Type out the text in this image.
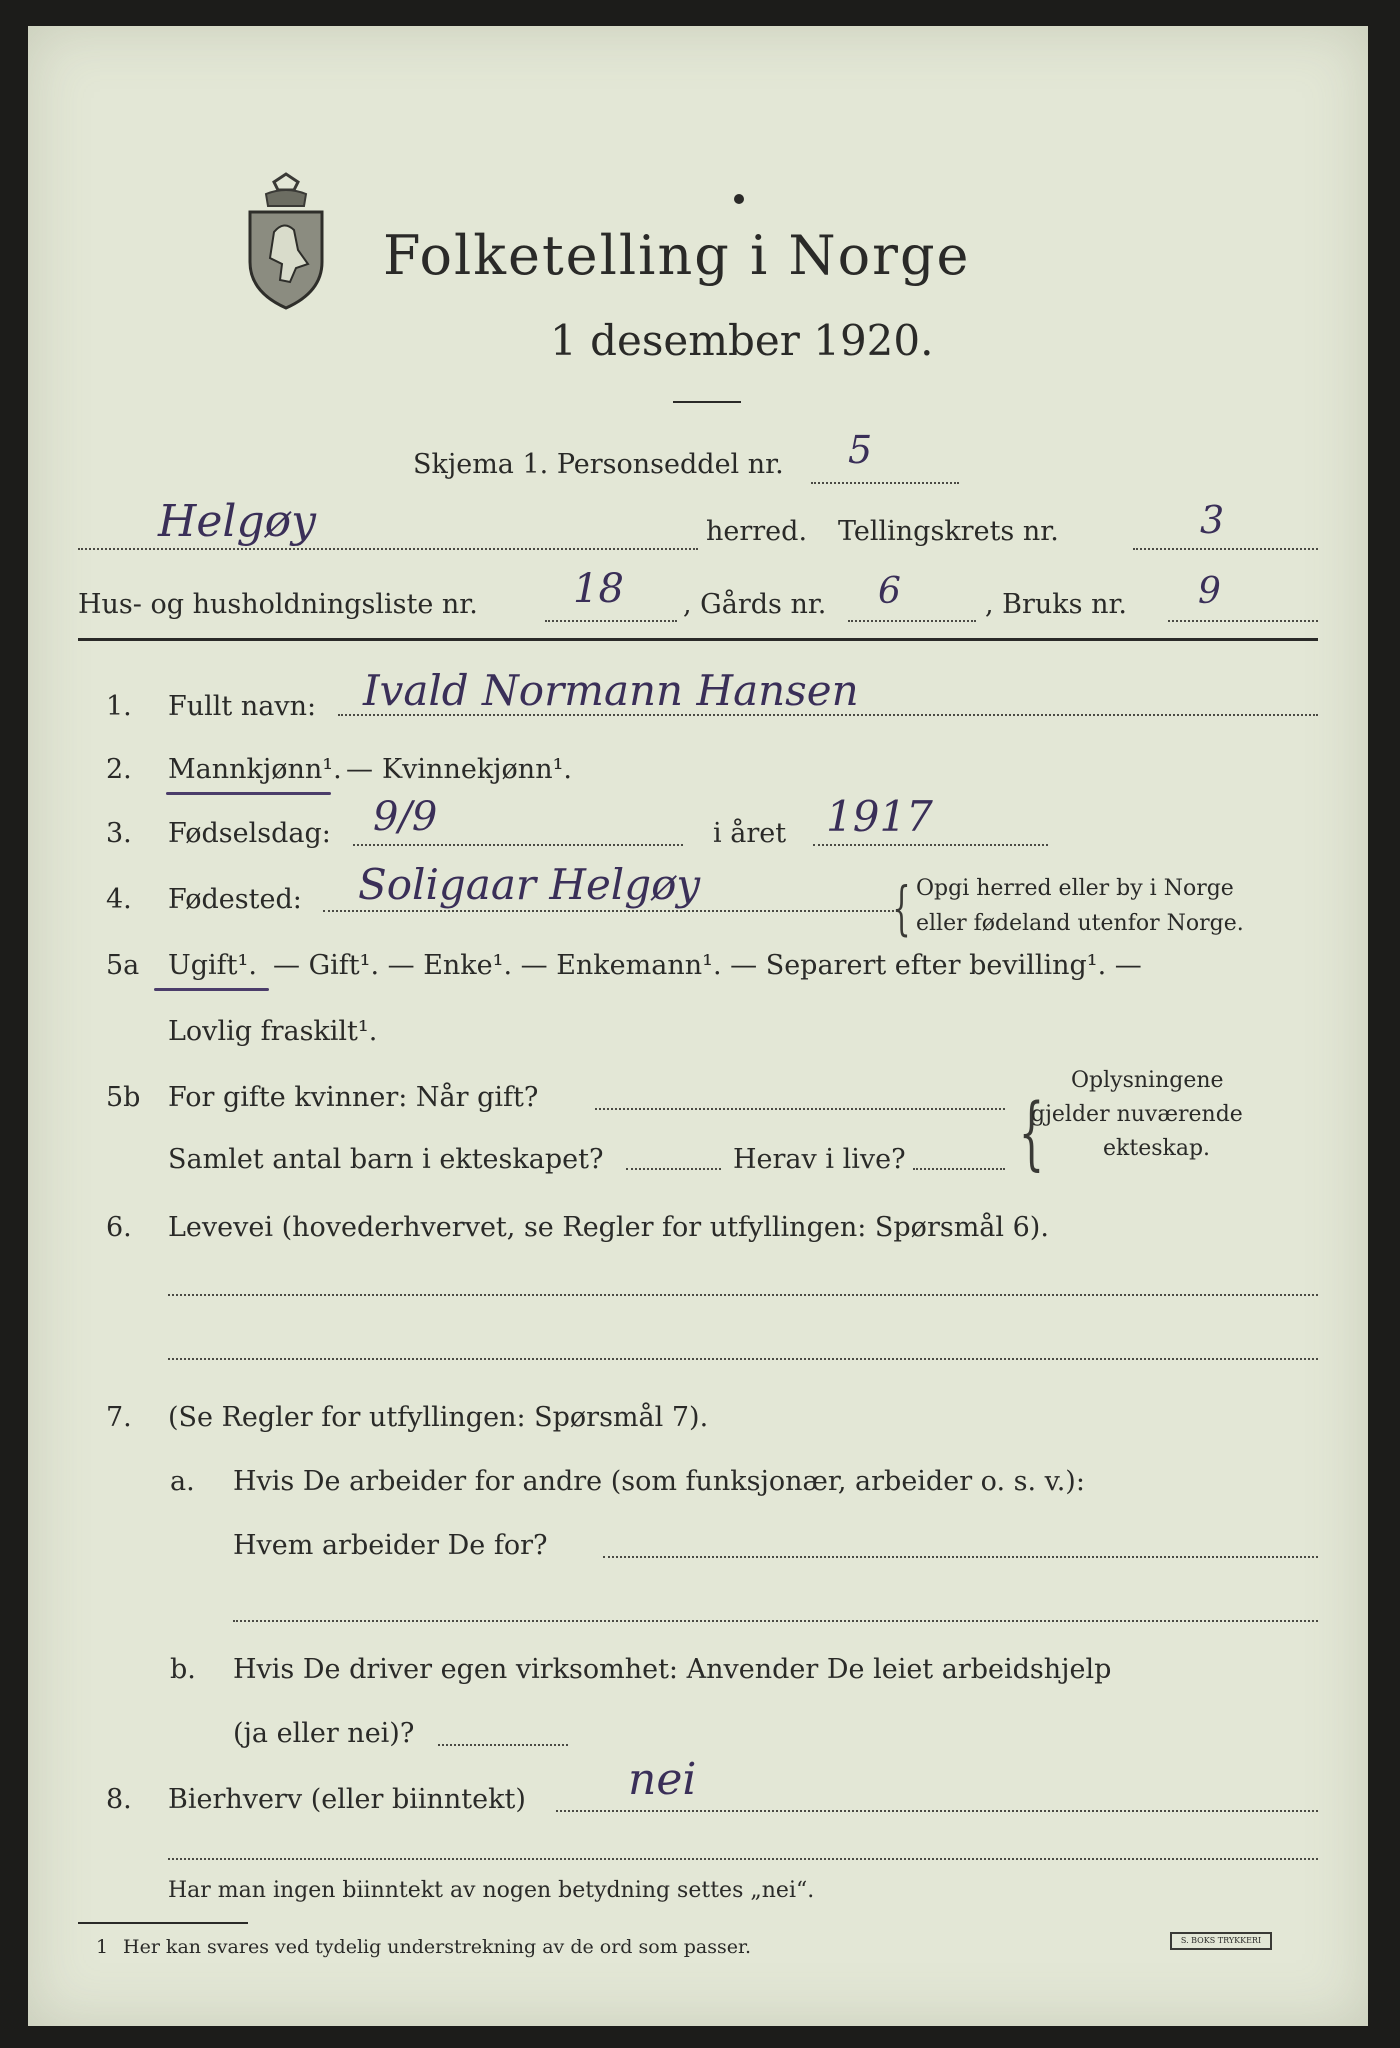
Folketelling i Norge
1 desember 1920.
Skjema 1. Personseddel nr. 5
Helgøy	herred. Tellingskrets nr.	3
Hus- og husholdningsliste nr. 18 , Gårds nr. 6	, Bruks nr. 9
1. Fullt navn: Ivald Normann Hansen
2. Mannkjønn¹. — Kvinnekjønn¹.
3. Fødselsdag: 9/9	i året 1917
4. Fødested: Soligaar Helgøy	{ Opgi herred eller by i Norge
eller fødeland utenfor Norge.
5a Ugift¹. — Gift¹. — Enke¹. — Enkemann¹. — Separert efter bevilling¹. —
Lovlig fraskilt¹.
5b For gifte kvinner: Når gift?
Samlet antal barn i ekteskapet?	Herav i live? {
Oplysningene
gjelder nuværende
ekteskap.
6. Levevei (hovederhvervet, se Regler for utfyllingen: Spørsmål 6).
7. (Se Regler for utfyllingen: Spørsmål 7).
a. Hvis De arbeider for andre (som funksjonær, arbeider o. s. v.):
Hvem arbeider De for?
b. Hvis De driver egen virksomhet: Anvender De leiet arbeidshjelp
(ja eller nei)?
8. Bierhverv (eller biinntekt) nei
Har man ingen biinntekt av nogen betydning settes „nei“.
1 Her kan svares ved tydelig understrekning av de ord som passer.	S. BOKS TRYKKERI
